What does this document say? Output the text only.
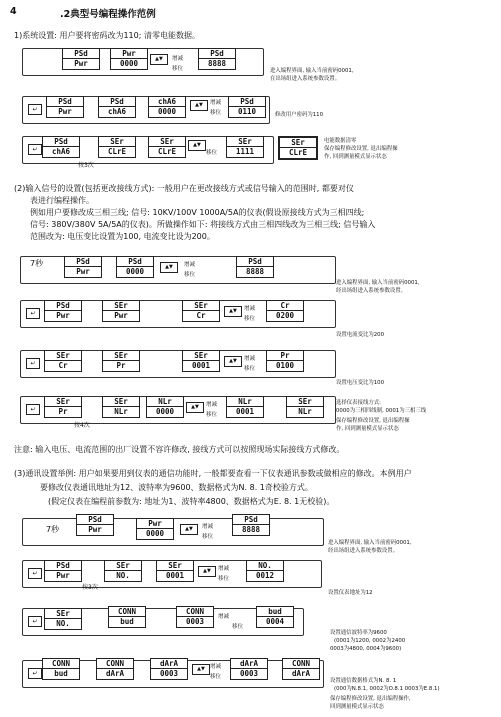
4	.2典型号编程操作范例
1)系统设置: 用户要将密码改为110; 清零电能数据。
PSd
Pwr
Pwr
0000	▲▼	增减
移位
PSd
8888
进入编程界面, 输入当前密码0001,
在出场组进入系统参数设置。
↵
PSd
Pwr
PSd
chA6
chA6
0000
▲▼	增减
移位
PSd
0110	修改用户密码为110
↵
PSd
chA6
按3次
SEr
CLrE
SEr
CLrE
▲▼
移位
SEr
1111
SEr
CLrE
电能数据清零
保存编程修改设置, 退出编程操
作, 回到测量模式显示状态
(2)输入信号的设置(包括更改接线方式): 一般用户在更改接线方式或信号输入的范围时, 都要对仪
表进行编程操作。
例如用户要修改成三相三线; 信号: 10KV/100V 1000A/5A的仪表(假设原接线方式为三相四线;
信号: 380V/380V 5A/5A的仪表)。所做操作如下: 将接线方式由三相四线改为三相三线; 信号输入
范围改为: 电压变比设置为100, 电流变比设为200。
7秒	PSd
Pwr
PSd
0000	▲▼	增减
移位
PSd
8888
进入编程界面, 输入当前密码0001,
经出场组进入系统参数设置。
↵
PSd
Pwr
SEr
Pwr
SEr
Cr	▲▼	增减
移位
Cr
0200
设置电流变比为200
↵
SEr
Cr
SEr
Pr
SEr
0001	▲▼	增减
移位
Pr
0100
设置电压变比为100
↵
SEr
Pr
按4次
SEr
NLr
NLr
0000	▲▼	增减
移位
NLr
0001
SEr
NLr
选择仪表接线方式:
0000为三相四线制, 0001为三相三线
保存编程修改设置, 退出编程操
作, 回到测量模式显示状态
注意: 输入电压、电流范围的出厂设置不容许修改, 接线方式可以按照现场实际接线方式修改。
(3)通讯设置举例: 用户如果要用到仪表的通信功能时, 一般都要查看一下仪表通讯参数或做相应的修改。本例用户
要修改仪表通讯地址为12、波特率为9600、数据格式为N. 8. 1奇校验方式。
(假定仪表在编程前参数为: 地址为1、波特率4800、数据格式为E. 8. 1无校验)。
7秒
PSd
Pwr
Pwr
0000	▲▼	增减
移位
PSd
8888
进入编程界面, 输入当前密码0001,
经出场组进入系统参数设置。
↵
PSd
Pwr
按3次
SEr
NO.
SEr
0001	▲▼	增减
移位
NO.
0012
设置仪表地址为12
↵
SEr
NO.
CONN
bud
CONN
0003	增减
移位
bud
0004
设置通信波特率为9600
(0001为1200, 0002为2400
0003为4800, 0004为9600)
↵
CONN
bud
CONN
dArA
dArA
0003	▲▼ 增减
移位
dArA
0003
CONN
dArA
设置通信数据格式为N. 8. 1
(000为N.8.1, 0002为O.8.1 0003为E.8.1)
保存编程修改设置, 退出编程操作,
回到测量模式显示状态
